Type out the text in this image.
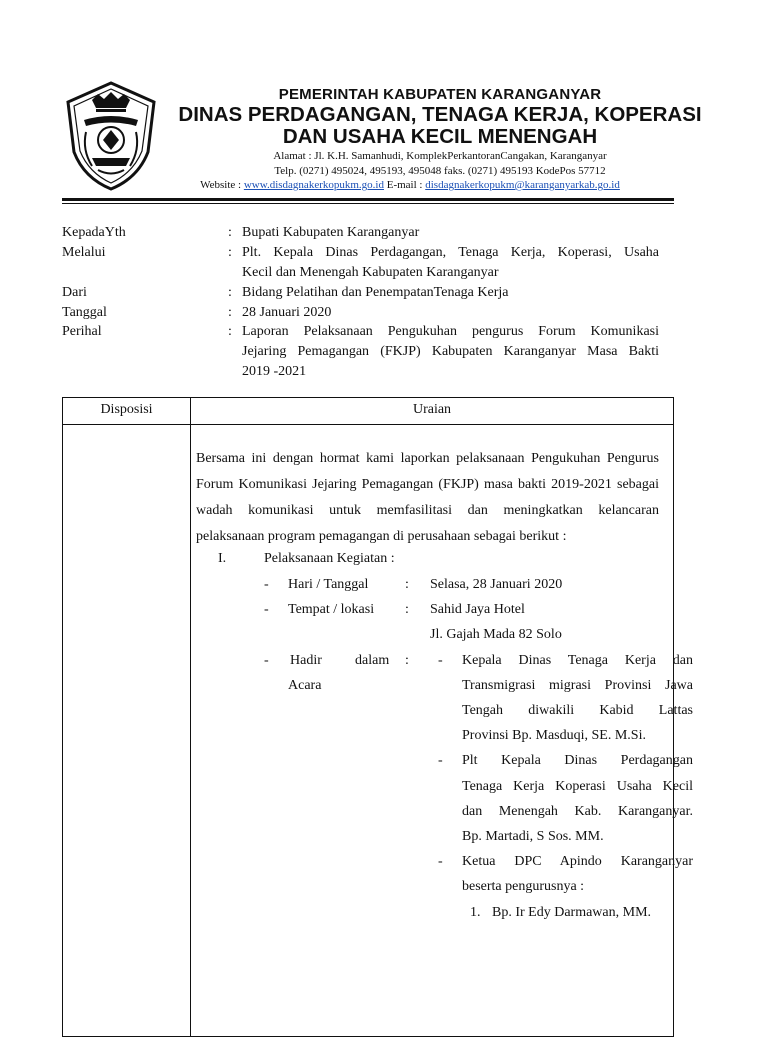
PEMERINTAH KABUPATEN KARANGANYAR
DINAS PERDAGANGAN, TENAGA KERJA, KOPERASI
DAN USAHA KECIL MENENGAH
Alamat : Jl. K.H. Samanhudi, KomplekPerkantoranCangakan, Karanganyar
Telp. (0271) 495024, 495193, 495048 faks. (0271) 495193 KodePos 57712
Website : www.disdagnakerkopukm.go.id E-mail : disdagnakerkopukm@karanganyarkab.go.id
KepadaYth	: Bupati Kabupaten Karanganyar
Melalui	: Plt. Kepala Dinas Perdagangan, Tenaga Kerja, Koperasi, Usaha
Kecil dan Menengah Kabupaten Karanganyar
Dari	: Bidang Pelatihan dan PenempatanTenaga Kerja
Tanggal	: 28 Januari 2020
Perihal	: Laporan Pelaksanaan Pengukuhan pengurus Forum Komunikasi
Jejaring Pemagangan (FKJP) Kabupaten Karanganyar Masa Bakti
2019 -2021
Disposisi	Uraian
Bersama ini dengan hormat kami laporkan pelaksanaan Pengukuhan Pengurus
Forum Komunikasi Jejaring Pemagangan (FKJP) masa bakti 2019-2021 sebagai
wadah komunikasi untuk memfasilitasi dan meningkatkan kelancaran
pelaksanaan program pemagangan di perusahaan sebagai berikut :
I.	Pelaksanaan Kegiatan :
- Hari / Tanggal	: Selasa, 28 Januari 2020
- Tempat / lokasi : Sahid Jaya Hotel
Jl. Gajah Mada 82 Solo
- Hadir dalam :
Acara
- Kepala Dinas Tenaga Kerja dan
Transmigrasi migrasi Provinsi Jawa
Tengah diwakili Kabid Lattas
Provinsi Bp. Masduqi, SE. M.Si.
- Plt Kepala Dinas Perdagangan
Tenaga Kerja Koperasi Usaha Kecil
dan Menengah Kab. Karanganyar.
Bp. Martadi, S Sos. MM.
- Ketua DPC Apindo Karanganyar
beserta pengurusnya :
1. Bp. Ir Edy Darmawan, MM.
